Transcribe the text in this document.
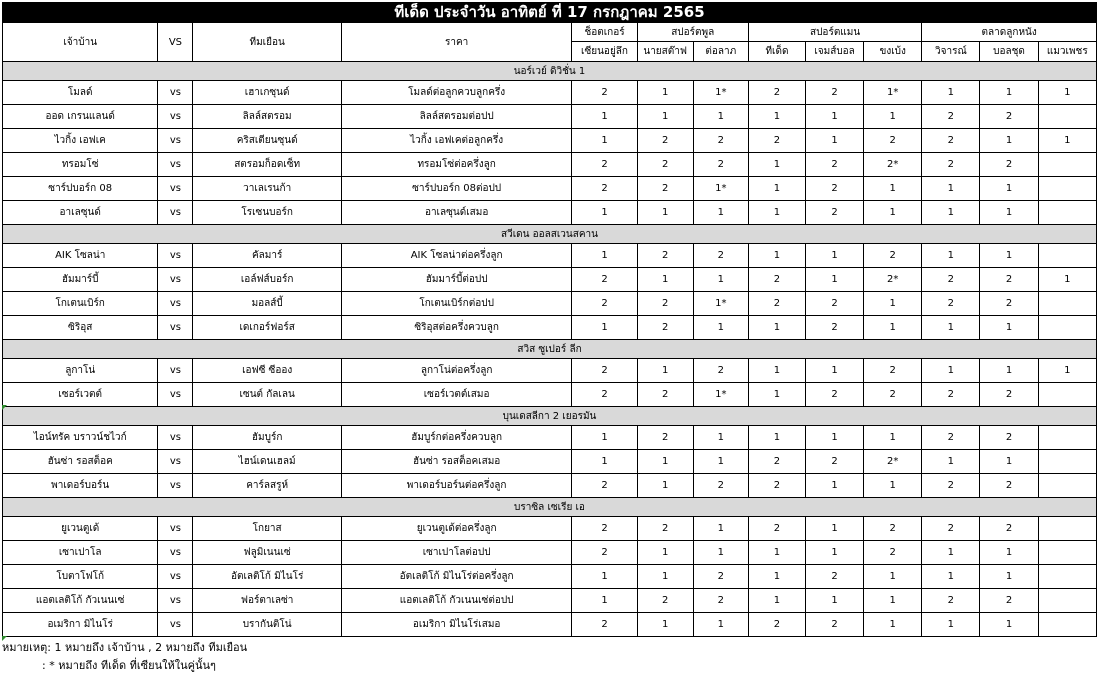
ทีเด็ด ประจำวัน อาทิตย์ ที่ 17 กรกฎาคม 2565												
เจ้าบ้าน	VS	ทีมเยือน	ราคา	ช็อตเกอร์	สปอร์ตพูล		สปอร์ตแมน			ตลาดลูกหนัง		
				เซียนอยู่ลึก	นายสต๊าฟ	ต่อลาภ	ทีเด็ด	เจมส์บอล	ขงเบ้ง	วิจารณ์	บอลชุด	แมวเพชร
นอร์เวย์ ดิวิชั่น 1												
โมลด์	vs	เฮาเกซุนด์	โมลด์ต่อลูกควบลูกครึ่ง	2	1	1*	2	2	1*	1	1	1
ออด เกรนแลนด์	vs	ลิลล์สตรอม	ลิลล์สตรอมต่อปป	1	1	1	1	1	1	2	2	
ไวกิ้ง เอฟเค	vs	คริสเตียนซุนด์	ไวกิ้ง เอฟเคต่อลูกครึ่ง	1	2	2	2	1	2	2	1	1
ทรอมโซ่	vs	สตรอมก็อดเซ็ท	ทรอมโซ่ต่อครึ่งลูก	2	2	2	1	2	2*	2	2	
ซาร์ปบอร์ก 08	vs	วาเลเรนก้า	ซาร์ปบอร์ก 08ต่อปป	2	2	1*	1	2	1	1	1	
อาเลซุนด์	vs	โรเซนบอร์ก	อาเลซุนด์เสมอ	1	1	1	1	2	1	1	1	
สวีเดน ออลสเวนสคาน												
AIK โซลน่า	vs	คัลมาร์	AIK โซลน่าต่อครึ่งลูก	1	2	2	1	1	2	1	1	
ฮัมมาร์บี้	vs	เอล์ฟส์บอร์ก	ฮัมมาร์บี้ต่อปป	2	1	1	2	1	2*	2	2	1
โกเตนเบิร์ก	vs	มอลส์บี้	โกเตนเบิร์กต่อปป	2	2	1*	2	2	1	2	2	
ซิริอุส	vs	เดเกอร์ฟอร์ส	ซิริอุสต่อครึ่งควบลูก	1	2	1	1	2	1	1	1	
สวิส ซูเปอร์ ลีก												
ลูกาโน่	vs	เอฟซี ซีออง	ลูกาโน่ต่อครึ่งลูก	2	1	2	1	1	2	1	1	1
เซอร์เวตต์	vs	เซนต์ กัลเลน	เซอร์เวตต์เสมอ	2	2	1*	1	2	2	2	2	
บุนเดสลีกา 2 เยอรมัน												
ไอน์ทรัค บราวน์ชไวก์	vs	ฮัมบูร์ก	ฮัมบูร์กต่อครึ่งควบลูก	1	2	1	1	1	1	2	2	
ฮันซ่า รอสต็อค	vs	ไฮน์เดนเฮลม์	ฮันซ่า รอสต็อคเสมอ	1	1	1	2	2	2*	1	1	
พาเดอร์บอร์น	vs	คาร์ลสรูห์	พาเดอร์บอร์นต่อครึ่งลูก	2	1	2	2	1	1	2	2	
บราซิล เซเรีย เอ												
ยูเวนตูเด้	vs	โกยาส	ยูเวนตูเด้ต่อครึ่งลูก	2	2	1	2	1	2	2	2	
เซาเปาโล	vs	ฟลูมิเนนเซ่	เซาเปาโลต่อปป	2	1	1	1	1	2	1	1	
โบตาโฟโก้	vs	อัตเลติโก้ มิไนโร่	อัตเลติโก้ มิไนโร่ต่อครึ่งลูก	1	1	2	1	2	1	1	1	
แอตเลติโก้ กัวเนนเซ่	vs	ฟอร์ตาเลซ่า	แอตเลติโก้ กัวเนนเซ่ต่อปป	1	2	2	1	1	1	2	2	
อเมริกา มิไนโร่	vs	บรากันติโน่	อเมริกา มิไนโร่เสมอ	2	1	1	2	2	1	1	1	
หมายเหตุ: 1 หมายถึง เจ้าบ้าน , 2 หมายถึง ทีมเยือน
: * หมายถึง ทีเด็ด ที่เซียนให้ในคู่นั้นๆ
